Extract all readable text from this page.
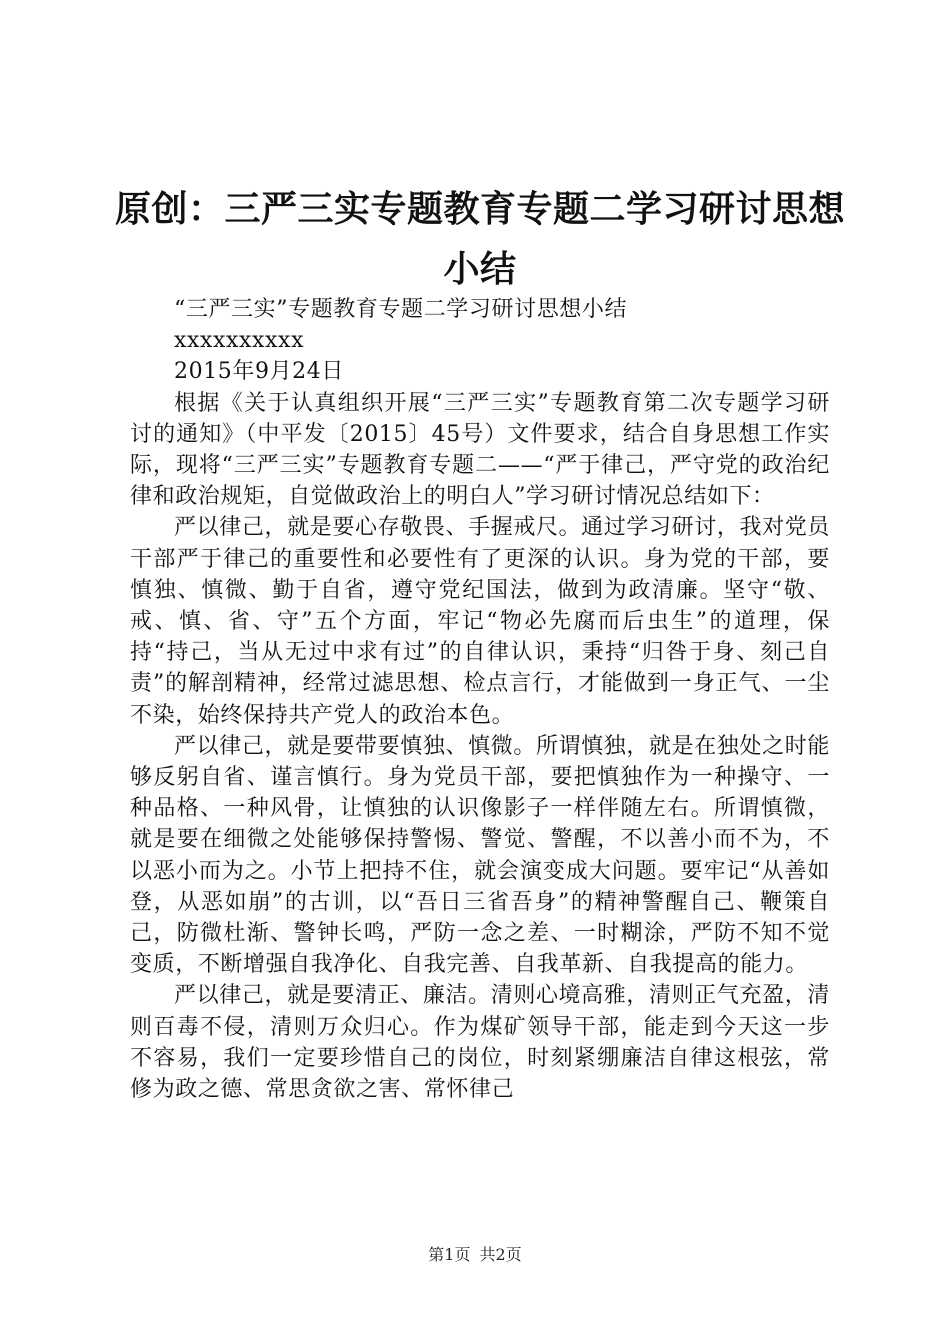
原创：三严三实专题教育专题二学习研讨思想
小结

“三严三实”专题教育专题二学习研讨思想小结

xxxxxxxxxx

2015年9月24日

根据《关于认真组织开展“三严三实”专题教育第二次专题学习研讨的通知》（中平发〔2015〕45号）文件要求，结合自身思想工作实际，现将“三严三实”专题教育专题二——“严于律己，严守党的政治纪律和政治规矩，自觉做政治上的明白人”学习研讨情况总结如下：

严以律己，就是要心存敬畏、手握戒尺。通过学习研讨，我对党员干部严于律己的重要性和必要性有了更深的认识。身为党的干部，要慎独、慎微、勤于自省，遵守党纪国法，做到为政清廉。坚守“敬、戒、慎、省、守”五个方面，牢记“物必先腐而后虫生”的道理，保持“持己，当从无过中求有过”的自律认识，秉持“归咎于身、刻己自责”的解剖精神，经常过滤思想、检点言行，才能做到一身正气、一尘不染，始终保持共产党人的政治本色。

严以律己，就是要带要慎独、慎微。所谓慎独，就是在独处之时能够反躬自省、谨言慎行。身为党员干部，要把慎独作为一种操守、一种品格、一种风骨，让慎独的认识像影子一样伴随左右。所谓慎微，就是要在细微之处能够保持警惕、警觉、警醒，不以善小而不为，不以恶小而为之。小节上把持不住，就会演变成大问题。要牢记“从善如登，从恶如崩”的古训，以“吾日三省吾身”的精神警醒自己、鞭策自己，防微杜渐、警钟长鸣，严防一念之差、一时糊涂，严防不知不觉变质，不断增强自我净化、自我完善、自我革新、自我提高的能力。

严以律己，就是要清正、廉洁。清则心境高雅，清则正气充盈，清则百毒不侵，清则万众归心。作为煤矿领导干部，能走到今天这一步不容易，我们一定要珍惜自己的岗位，时刻紧绷廉洁自律这根弦，常修为政之德、常思贪欲之害、常怀律己

第1页 共2页
